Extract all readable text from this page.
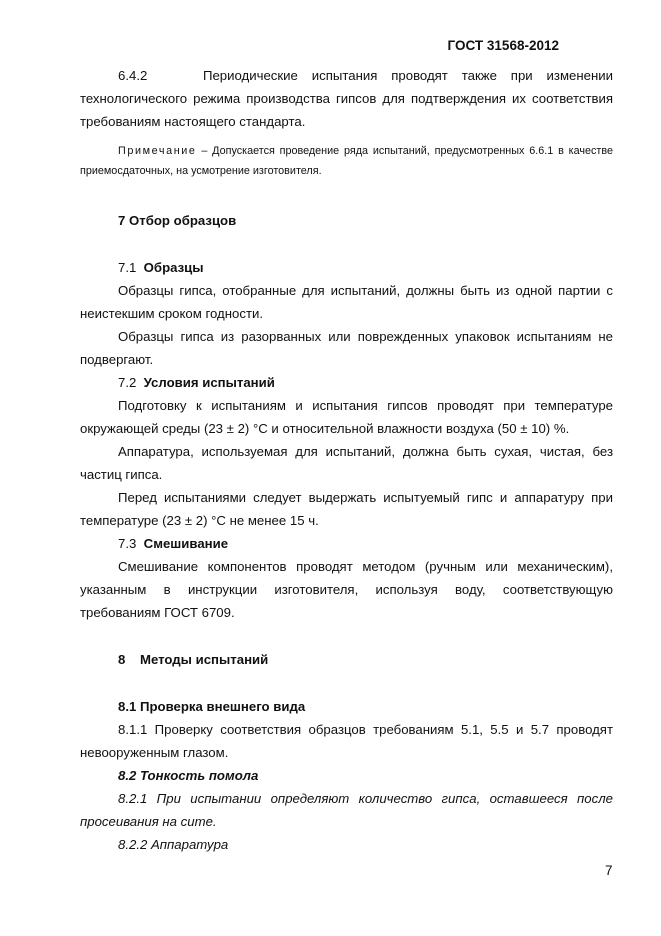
ГОСТ 31568-2012

6.4.2	Периодические испытания проводят также при изменении технологического режима производства гипсов для подтверждения их соответствия требованиям настоящего стандарта.

Примечание – Допускается проведение ряда испытаний, предусмотренных 6.6.1 в качестве приемосдаточных, на усмотрение изготовителя.

7 Отбор образцов

7.1 Образцы

Образцы гипса, отобранные для испытаний, должны быть из одной партии с неистекшим сроком годности.

Образцы гипса из разорванных или поврежденных упаковок испытаниям не подвергают.

7.2 Условия испытаний

Подготовку к испытаниям и испытания гипсов проводят при температуре окружающей среды (23 ± 2) °С и относительной влажности воздуха (50 ± 10) %.

Аппаратура, используемая для испытаний, должна быть сухая, чистая, без частиц гипса.

Перед испытаниями следует выдержать испытуемый гипс и аппаратуру при температуре (23 ± 2) °С не менее 15 ч.

7.3 Смешивание

Смешивание компонентов проводят методом (ручным или механическим), указанным в инструкции изготовителя, используя воду, соответствующую требованиям ГОСТ 6709.

8 Методы испытаний

8.1 Проверка внешнего вида

8.1.1 Проверку соответствия образцов требованиям 5.1, 5.5 и 5.7 проводят невооруженным глазом.

8.2 Тонкость помола

8.2.1 При испытании определяют количество гипса, оставшееся после просеивания на сите.

8.2.2 Аппаратура

7
